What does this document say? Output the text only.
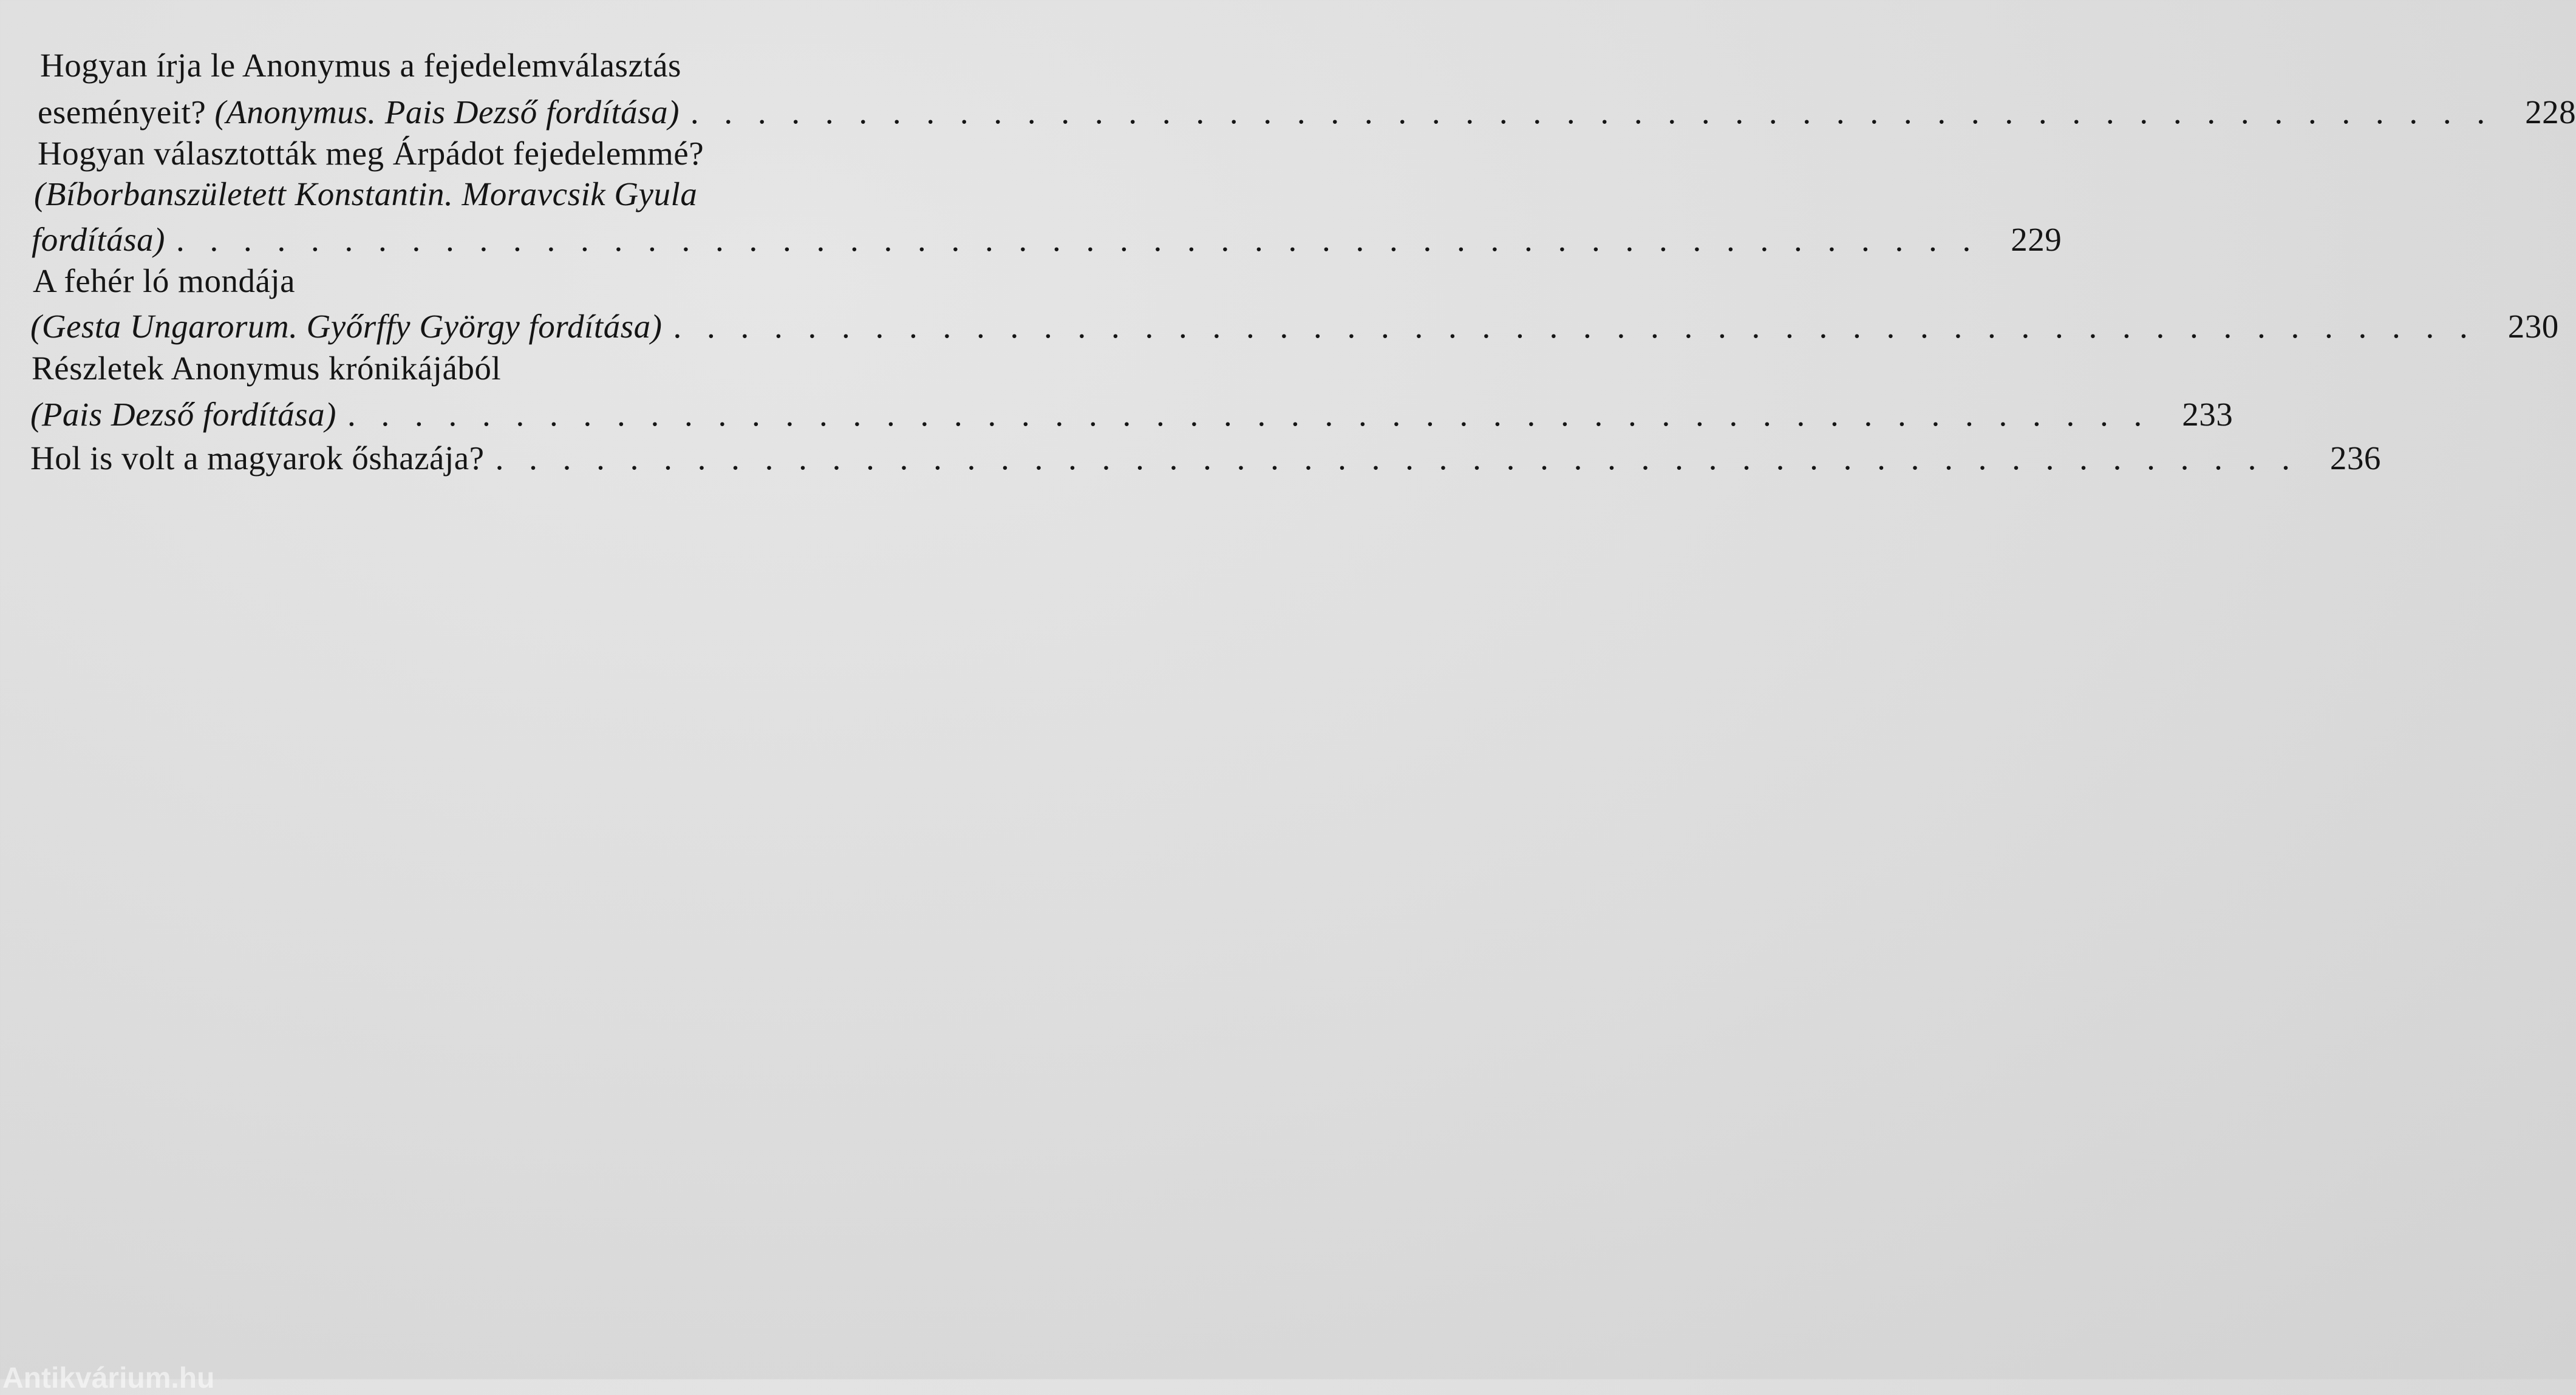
Hogyan írja le Anonymus a fejedelemválasztás
eseményeit? (Anonymus. Pais Dezső fordítása) . . . . . . . . . . . . . . . . . . . . . . . . . . . . . . . . . . . . . . . . . . . . . . . . . . . . . . 228
Hogyan választották meg Árpádot fejedelemmé?
(Bíborbanszületett Konstantin. Moravcsik Gyula
fordítása) . . . . . . . . . . . . . . . . . . . . . . . . . . . . . . . . . . . . . . . . . . . . . . . . . . . . . . 229
A fehér ló mondája
(Gesta Ungarorum. Győrffy György fordítása) . . . . . . . . . . . . . . . . . . . . . . . . . . . . . . . . . . . . . . . . . . . . . . . . . . . . . . 230
Részletek Anonymus krónikájából
(Pais Dezső fordítása) . . . . . . . . . . . . . . . . . . . . . . . . . . . . . . . . . . . . . . . . . . . . . . . . . . . . . . 233
Hol is volt a magyarok őshazája? . . . . . . . . . . . . . . . . . . . . . . . . . . . . . . . . . . . . . . . . . . . . . . . . . . . . . . 236
Antikvárium.hu
